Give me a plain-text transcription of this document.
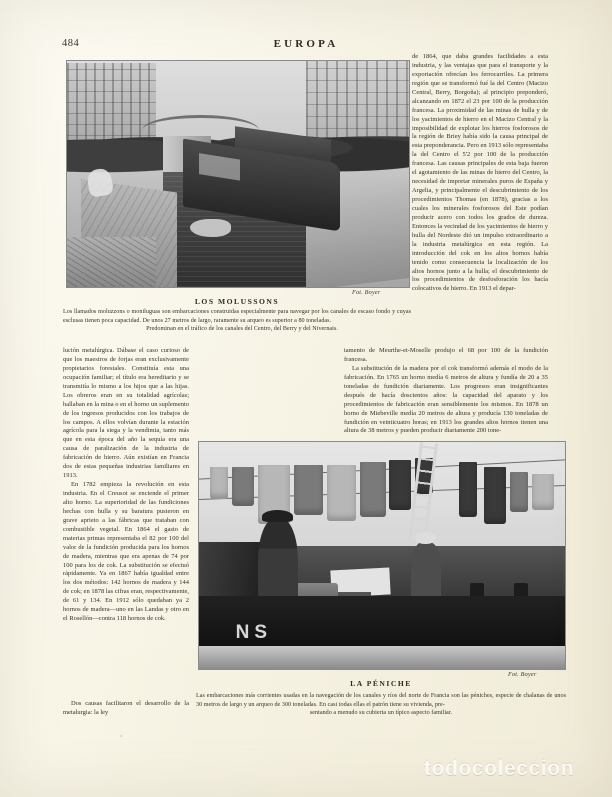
484	EUROPA
Fot. Boyer
LOS MOLUSSONS
Los llamados moluzzons o moniluguas son embarcaciones construidas especialmente para navegar por los canales de escaso fondo y cuyas esclusas tienen poca capacidad. De unos 27 metros de largo, raramente su arqueo es superior a 80 toneladas.
Predominan en el tráfico de los canales del Centro, del Berry y del Nivernais.
NS
Fot. Boyer
LA PÉNICHE
Las embarcaciones más corrientes usadas en la navegación de los canales y ríos del norte de Francia son las péniches, especie de chalanas de unos 30 metros de largo y un arqueo de 300 toneladas. En casi todas ellas el patrón tiene su vivienda, pre-
sentando a menudo su cubierta un típico aspecto familiar.

lución metalúrgica. Dábase el caso curioso de que los maestros de forjas eran exclusivamente propietarios forestales. Constituía esta una ocupación familiar; el título era hereditario y se transmitía lo mismo a los hijos que a las hijas. Los obreros eran en su totalidad agrícolas; hallaban en la mina o en el horno un suplemento de los ingresos producidos con los trabajos de los campos. A ellos volvían durante la estación agrícola para la siega y la vendimia, tanto más que en esta época del año la sequía era una causa de paralización de la industria de fabricación de hierro. Aún existían en Francia dos de estas pequeñas industrias familiares en 1913.

En 1782 empieza la revolución en esta industria. En el Creusot se enciende el primer alto horno. La superioridad de las fundiciones hechas con hulla y su baratura pusieron en grave aprieto a las fábricas que trataban con combustible vegetal. En 1864 el gasto de materias primas representaba el 82 por 100 del valor de la fundición producida para los hornos de madera, mientras que era apenas de 74 por 100 para los de cok. La substitución se efectuó rápidamente. Ya en 1867 había igualdad entre los dos métodos: 142 hornos de madera y 144 de cok; en 1878 las cifras eran, respectivamente, de 61 y 134. En 1912 sólo quedaban ya 2 hornos de madera—uno en las Landas y otro en el Rosellón—contra 118 hornos de cok.

Dos causas facilitaron el desarrollo de la metalurgia: la ley

de 1864, que daba grandes facilidades a esta industria, y las ventajas que para el transporte y la exportación ofrecían los ferrocarriles. La primera región que se transformó fué la del Centro (Macizo Central, Berry, Borgoña); al principio preponderó, alcanzando en 1872 el 23 por 100 de la producción francesa. La proximidad de las minas de hulla y de los yacimientos de hierro en el Macizo Central y la imposibilidad de explotar los hierros fosforosos de la región de Briey había sido la causa principal de esta preponderancia. Pero en 1913 sólo representaba la del Centro el 5'2 por 100 de la producción francesa. Las causas principales de esta baja fueron el agotamiento de las minas de hierro del Centro, la necesidad de importar minerales puros de España y Argelia, y principalmente el descubrimiento de los procedimientos Thomas (en 1878), gracias a los cuales los minerales fosforosos del Este podían producir acero con todos los grados de dureza. Entonces la vecindad de los yacimientos de hierro y hulla del Nordeste dió un impulso extraordinario a la industria metalúrgica en esta región. La introducción del cok en los altos hornos había tenido como consecuencia la localización de los altos hornos junto a la hulla; el descubrimiento de los procedimientos de desfosforación los hacía colocativos de hierro. En 1913 el depar-

tamento de Meurthe-et-Moselle produjo el 68 por 100 de la fundición francesa.

La substitución de la madera por el cok transformó además el modo de la fabricación. En 1765 un horno medía 6 metros de altura y fundía de 20 a 35 toneladas de fundición diariamente. Los progresos eran insignificantes después de hacía doscientos años: la capacidad del aparato y los procedimientos de fabricación eran sensiblemente los mismos. En 1878 un horno de Miebeville medía 20 metros de altura y producía 130 toneladas de fundición en veinticuatro horas; en 1913 los grandes altos hornos tienen una altura de 38 metros y pueden producir diariamente 200 tone-

todocoleccion
